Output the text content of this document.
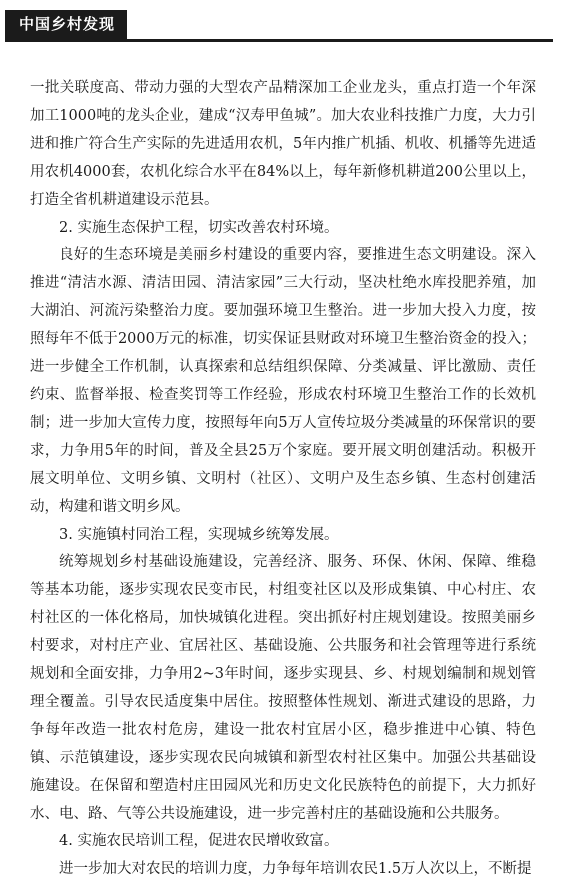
中国乡村发现

一批关联度高、带动力强的大型农产品精深加工企业龙头，重点打造一个年深加工1000吨的龙头企业，建成“汉寿甲鱼城”。加大农业科技推广力度，大力引进和推广符合生产实际的先进适用农机，5年内推广机插、机收、机播等先进适用农机4000套，农机化综合水平在84%以上，每年新修机耕道200公里以上，打造全省机耕道建设示范县。

2. 实施生态保护工程，切实改善农村环境。

良好的生态环境是美丽乡村建设的重要内容，要推进生态文明建设。深入推进“清洁水源、清洁田园、清洁家园”三大行动，坚决杜绝水库投肥养殖，加大湖泊、河流污染整治力度。要加强环境卫生整治。进一步加大投入力度，按照每年不低于2000万元的标准，切实保证县财政对环境卫生整治资金的投入；进一步健全工作机制，认真探索和总结组织保障、分类减量、评比激励、责任约束、监督举报、检查奖罚等工作经验，形成农村环境卫生整治工作的长效机制；进一步加大宣传力度，按照每年向5万人宣传垃圾分类减量的环保常识的要求，力争用5年的时间，普及全县25万个家庭。要开展文明创建活动。积极开展文明单位、文明乡镇、文明村（社区）、文明户及生态乡镇、生态村创建活动，构建和谐文明乡风。

3. 实施镇村同治工程，实现城乡统筹发展。

统筹规划乡村基础设施建设，完善经济、服务、环保、休闲、保障、维稳等基本功能，逐步实现农民变市民，村组变社区以及形成集镇、中心村庄、农村社区的一体化格局，加快城镇化进程。突出抓好村庄规划建设。按照美丽乡村要求，对村庄产业、宜居社区、基础设施、公共服务和社会管理等进行系统规划和全面安排，力争用2~3年时间，逐步实现县、乡、村规划编制和规划管理全覆盖。引导农民适度集中居住。按照整体性规划、渐进式建设的思路，力争每年改造一批农村危房，建设一批农村宜居小区，稳步推进中心镇、特色镇、示范镇建设，逐步实现农民向城镇和新型农村社区集中。加强公共基础设施建设。在保留和塑造村庄田园风光和历史文化民族特色的前提下，大力抓好水、电、路、气等公共设施建设，进一步完善村庄的基础设施和公共服务。

4. 实施农民培训工程，促进农民增收致富。

进一步加大对农民的培训力度，力争每年培训农民1.5万人次以上，不断提
